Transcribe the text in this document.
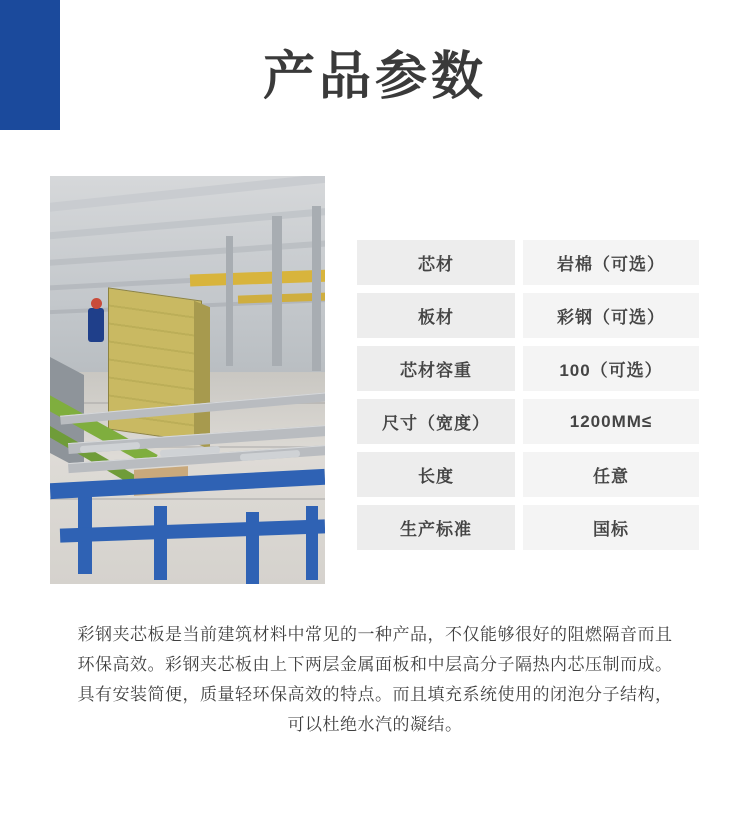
产品参数
芯材	岩棉（可选）
板材	彩钢（可选）
芯材容重	100（可选）
尺寸（宽度）	1200MM≤
长度	任意
生产标准	国标
彩钢夹芯板是当前建筑材料中常见的一种产品，不仅能够很好的阻燃隔音而且环保高效。彩钢夹芯板由上下两层金属面板和中层高分子隔热内芯压制而成。具有安装简便，质量轻环保高效的特点。而且填充系统使用的闭泡分子结构，可以杜绝水汽的凝结。
